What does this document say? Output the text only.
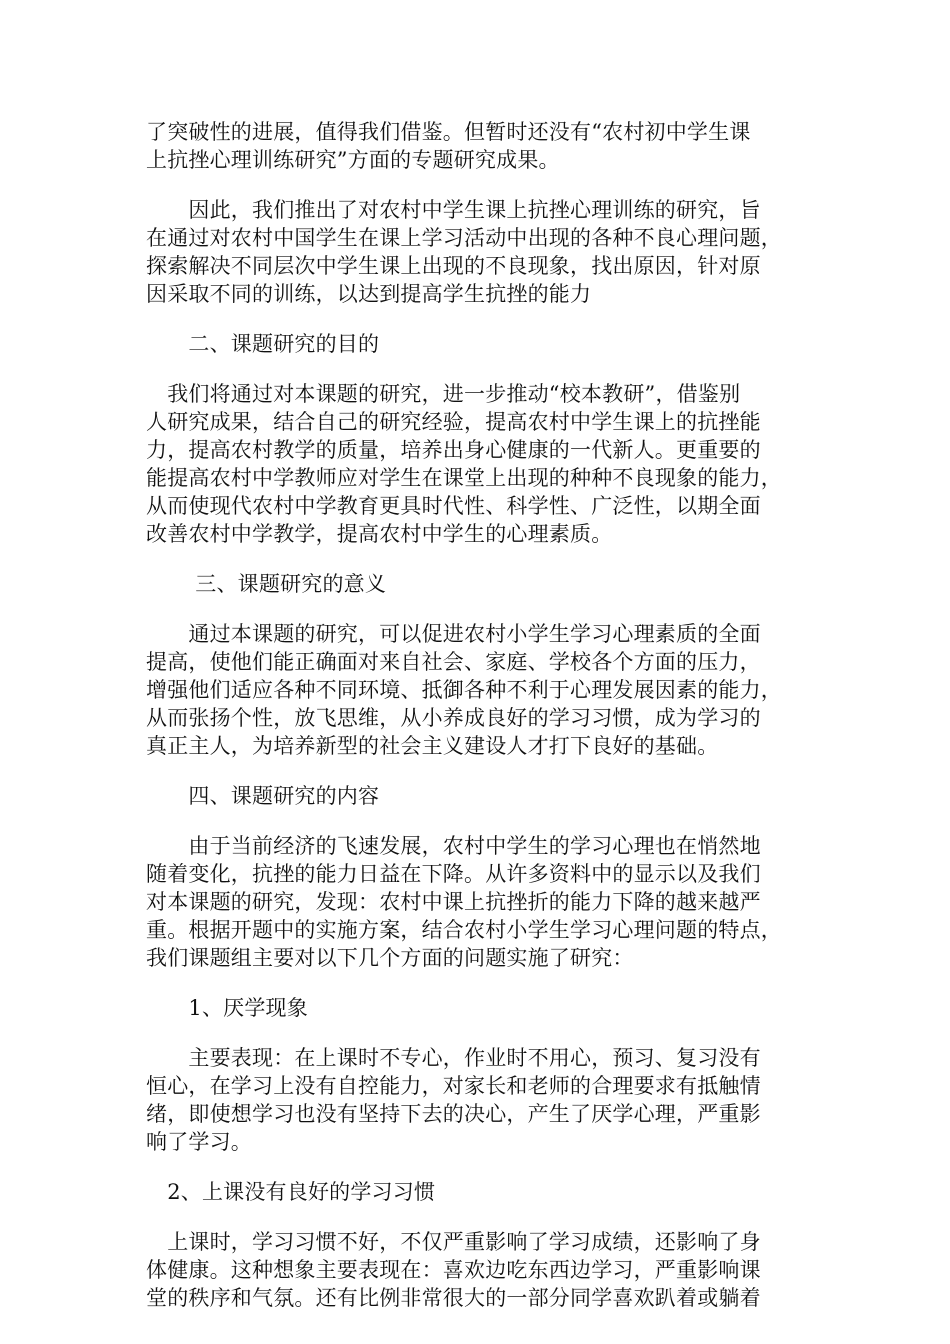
了突破性的进展，值得我们借鉴。但暂时还没有“农村初中学生课
上抗挫心理训练研究”方面的专题研究成果。
　　因此，我们推出了对农村中学生课上抗挫心理训练的研究，旨
在通过对农村中国学生在课上学习活动中出现的各种不良心理问题，
探索解决不同层次中学生课上出现的不良现象，找出原因，针对原
因采取不同的训练，以达到提高学生抗挫的能力
　　二、课题研究的目的
　我们将通过对本课题的研究，进一步推动“校本教研”，借鉴别
人研究成果，结合自己的研究经验，提高农村中学生课上的抗挫能
力，提高农村教学的质量，培养出身心健康的一代新人。更重要的
能提高农村中学教师应对学生在课堂上出现的种种不良现象的能力，
从而使现代农村中学教育更具时代性、科学性、广泛性，以期全面
改善农村中学教学，提高农村中学生的心理素质。
　　 三、课题研究的意义
　　通过本课题的研究，可以促进农村小学生学习心理素质的全面
提高，使他们能正确面对来自社会、家庭、学校各个方面的压力，
增强他们适应各种不同环境、抵御各种不利于心理发展因素的能力，
从而张扬个性，放飞思维，从小养成良好的学习习惯，成为学习的
真正主人，为培养新型的社会主义建设人才打下良好的基础。
　　四、课题研究的内容
　　由于当前经济的飞速发展，农村中学生的学习心理也在悄然地
随着变化，抗挫的能力日益在下降。从许多资料中的显示以及我们
对本课题的研究，发现：农村中课上抗挫折的能力下降的越来越严
重。根据开题中的实施方案，结合农村小学生学习心理问题的特点，
我们课题组主要对以下几个方面的问题实施了研究：
　　1、厌学现象
　　主要表现：在上课时不专心，作业时不用心，预习、复习没有
恒心，在学习上没有自控能力，对家长和老师的合理要求有抵触情
绪，即使想学习也没有坚持下去的决心，产生了厌学心理，严重影
响了学习。
　2、上课没有良好的学习习惯
　上课时，学习习惯不好，不仅严重影响了学习成绩，还影响了身
体健康。这种想象主要表现在：喜欢边吃东西边学习，严重影响课
堂的秩序和气氛。还有比例非常很大的一部分同学喜欢趴着或躺着
